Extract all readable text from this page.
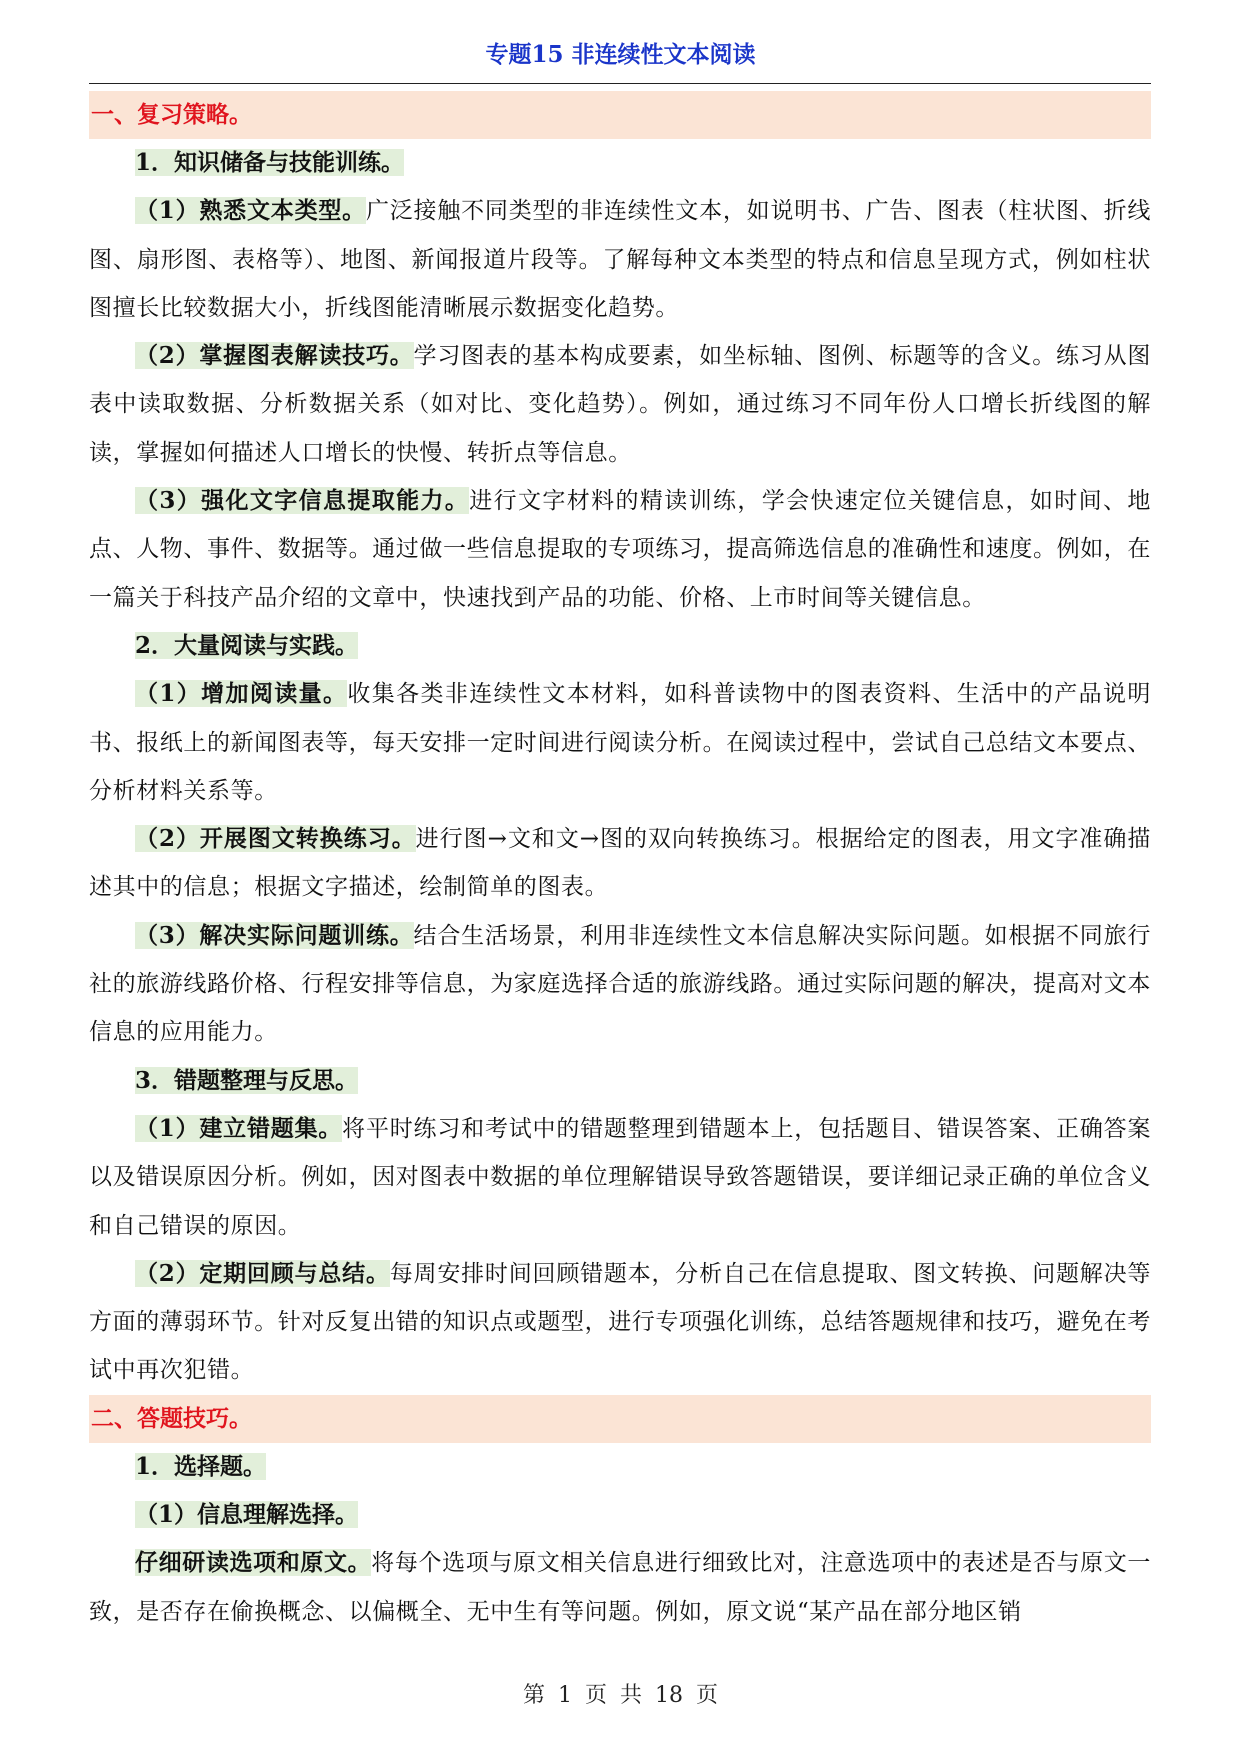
专题15 非连续性文本阅读
一、复习策略。
1．知识储备与技能训练。
（1）熟悉文本类型。广泛接触不同类型的非连续性文本，如说明书、广告、图表（柱状图、折线图、扇形图、表格等）、地图、新闻报道片段等。了解每种文本类型的特点和信息呈现方式，例如柱状图擅长比较数据大小，折线图能清晰展示数据变化趋势。
（2）掌握图表解读技巧。学习图表的基本构成要素，如坐标轴、图例、标题等的含义。练习从图表中读取数据、分析数据关系（如对比、变化趋势）。例如，通过练习不同年份人口增长折线图的解读，掌握如何描述人口增长的快慢、转折点等信息。
（3）强化文字信息提取能力。进行文字材料的精读训练，学会快速定位关键信息，如时间、地点、人物、事件、数据等。通过做一些信息提取的专项练习，提高筛选信息的准确性和速度。例如，在一篇关于科技产品介绍的文章中，快速找到产品的功能、价格、上市时间等关键信息。
2．大量阅读与实践。
（1）增加阅读量。收集各类非连续性文本材料，如科普读物中的图表资料、生活中的产品说明书、报纸上的新闻图表等，每天安排一定时间进行阅读分析。在阅读过程中，尝试自己总结文本要点、分析材料关系等。
（2）开展图文转换练习。进行图→文和文→图的双向转换练习。根据给定的图表，用文字准确描述其中的信息；根据文字描述，绘制简单的图表。
（3）解决实际问题训练。结合生活场景，利用非连续性文本信息解决实际问题。如根据不同旅行社的旅游线路价格、行程安排等信息，为家庭选择合适的旅游线路。通过实际问题的解决，提高对文本信息的应用能力。
3．错题整理与反思。
（1）建立错题集。将平时练习和考试中的错题整理到错题本上，包括题目、错误答案、正确答案以及错误原因分析。例如，因对图表中数据的单位理解错误导致答题错误，要详细记录正确的单位含义和自己错误的原因。
（2）定期回顾与总结。每周安排时间回顾错题本，分析自己在信息提取、图文转换、问题解决等方面的薄弱环节。针对反复出错的知识点或题型，进行专项强化训练，总结答题规律和技巧，避免在考试中再次犯错。
二、答题技巧。
1．选择题。
（1）信息理解选择。
仔细研读选项和原文。将每个选项与原文相关信息进行细致比对，注意选项中的表述是否与原文一致，是否存在偷换概念、以偏概全、无中生有等问题。例如，原文说“某产品在部分地区销
第 1 页 共 18 页
